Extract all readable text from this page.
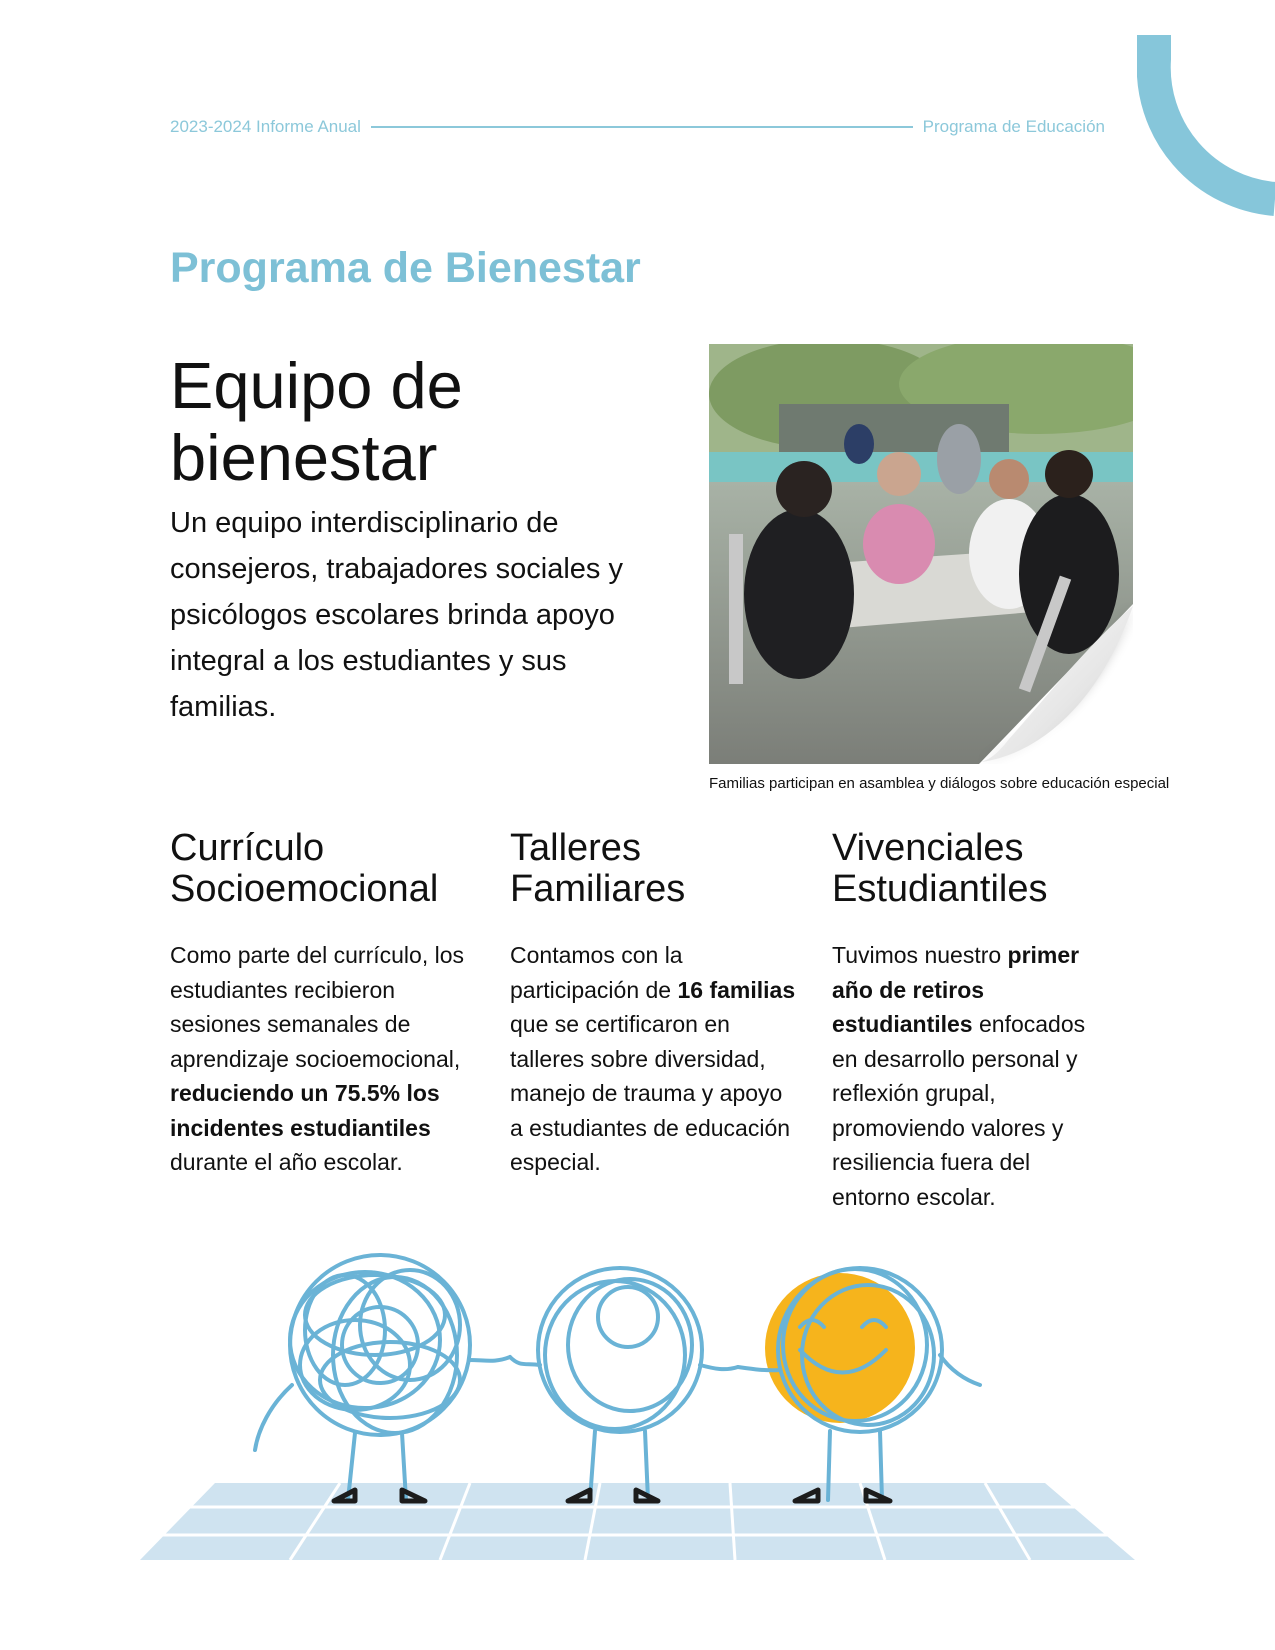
2023-2024 Informe Anual	Programa de Educación
Programa de Bienestar
Equipo de
bienestar

Un equipo interdisciplinario de consejeros, trabajadores sociales y psicólogos escolares brinda apoyo integral a los estudiantes y sus familias.

Familias participan en asamblea y diálogos sobre educación especial
Currículo
Socioemocional

Como parte del currículo, los estudiantes recibieron sesiones semanales de aprendizaje socioemocional, reduciendo un 75.5% los incidentes estudiantiles durante el año escolar.

Talleres
Familiares

Contamos con la participación de 16 familias que se certificaron en talleres sobre diversidad, manejo de trauma y apoyo a estudiantes de educación especial.

Vivenciales
Estudiantiles

Tuvimos nuestro primer año de retiros estudiantiles enfocados en desarrollo personal y reflexión grupal, promoviendo valores y resiliencia fuera del entorno escolar.
